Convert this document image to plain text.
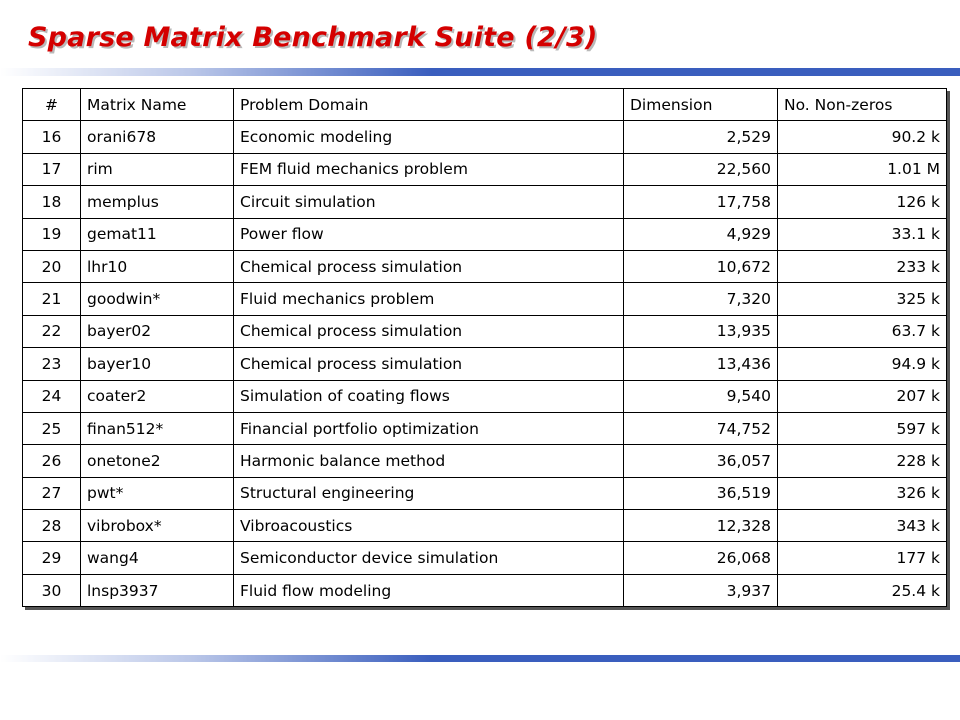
Sparse Matrix Benchmark Suite (2/3)
#	Matrix Name	Problem Domain	Dimension	No. Non-zeros
16	orani678	Economic modeling	2,529	90.2 k
17	rim	FEM fluid mechanics problem	22,560	1.01 M
18	memplus	Circuit simulation	17,758	126 k
19	gemat11	Power flow	4,929	33.1 k
20	lhr10	Chemical process simulation	10,672	233 k
21	goodwin*	Fluid mechanics problem	7,320	325 k
22	bayer02	Chemical process simulation	13,935	63.7 k
23	bayer10	Chemical process simulation	13,436	94.9 k
24	coater2	Simulation of coating flows	9,540	207 k
25	finan512*	Financial portfolio optimization	74,752	597 k
26	onetone2	Harmonic balance method	36,057	228 k
27	pwt*	Structural engineering	36,519	326 k
28	vibrobox*	Vibroacoustics	12,328	343 k
29	wang4	Semiconductor device simulation	26,068	177 k
30	lnsp3937	Fluid flow modeling	3,937	25.4 k
